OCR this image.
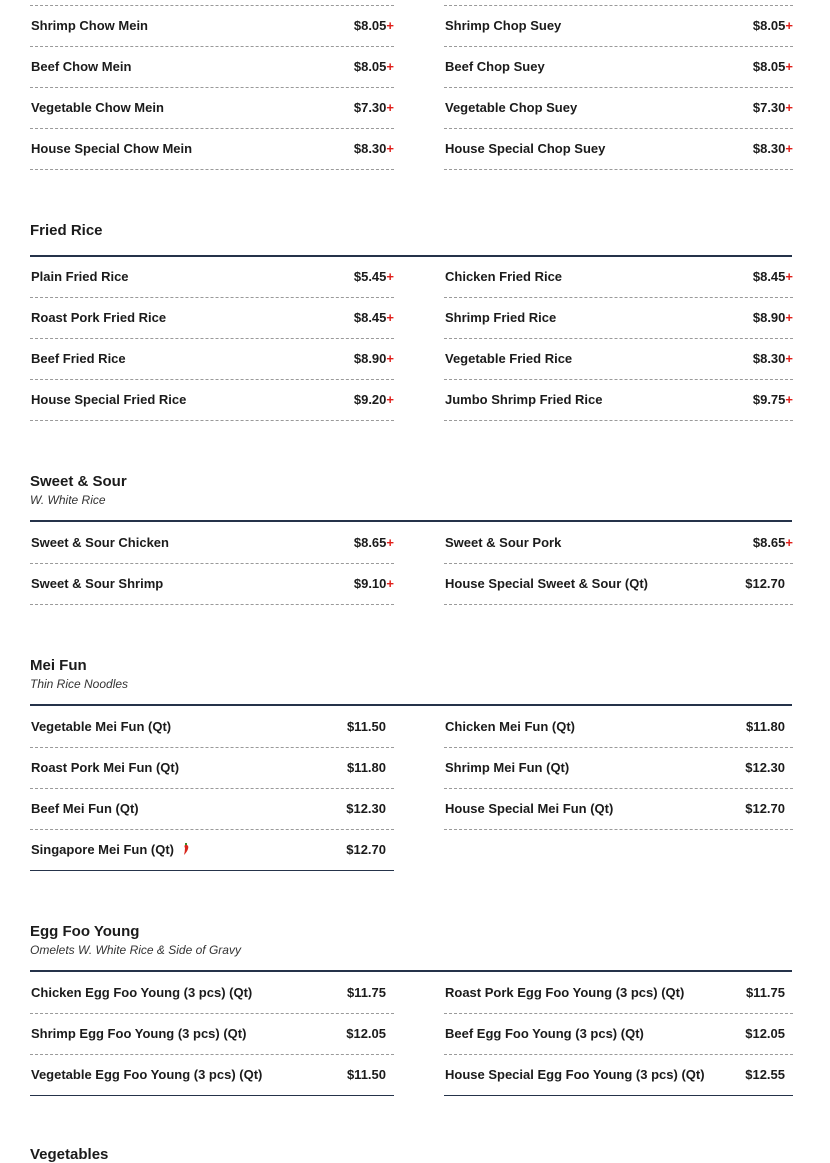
Shrimp Chow Mein	$8.05+
Beef Chow Mein	$8.05+
Vegetable Chow Mein	$7.30+
House Special Chow Mein	$8.30+
Shrimp Chop Suey	$8.05+
Beef Chop Suey	$8.05+
Vegetable Chop Suey	$7.30+
House Special Chop Suey	$8.30+
Fried Rice
Plain Fried Rice	$5.45+
Roast Pork Fried Rice	$8.45+
Beef Fried Rice	$8.90+
House Special Fried Rice	$9.20+
Chicken Fried Rice	$8.45+
Shrimp Fried Rice	$8.90+
Vegetable Fried Rice	$8.30+
Jumbo Shrimp Fried Rice	$9.75+
Sweet & Sour
W. White Rice
Sweet & Sour Chicken	$8.65+
Sweet & Sour Shrimp	$9.10+
Sweet & Sour Pork	$8.65+
House Special Sweet & Sour (Qt)	$12.70
Mei Fun
Thin Rice Noodles
Vegetable Mei Fun (Qt)	$11.50
Roast Pork Mei Fun (Qt)	$11.80
Beef Mei Fun (Qt)	$12.30
Singapore Mei Fun (Qt)	$12.70
Chicken Mei Fun (Qt)	$11.80
Shrimp Mei Fun (Qt)	$12.30
House Special Mei Fun (Qt)	$12.70
Egg Foo Young
Omelets W. White Rice & Side of Gravy
Chicken Egg Foo Young (3 pcs) (Qt)	$11.75
Shrimp Egg Foo Young (3 pcs) (Qt)	$12.05
Vegetable Egg Foo Young (3 pcs) (Qt)	$11.50
Roast Pork Egg Foo Young (3 pcs) (Qt)	$11.75
Beef Egg Foo Young (3 pcs) (Qt)	$12.05
House Special Egg Foo Young (3 pcs) (Qt)	$12.55
Vegetables
